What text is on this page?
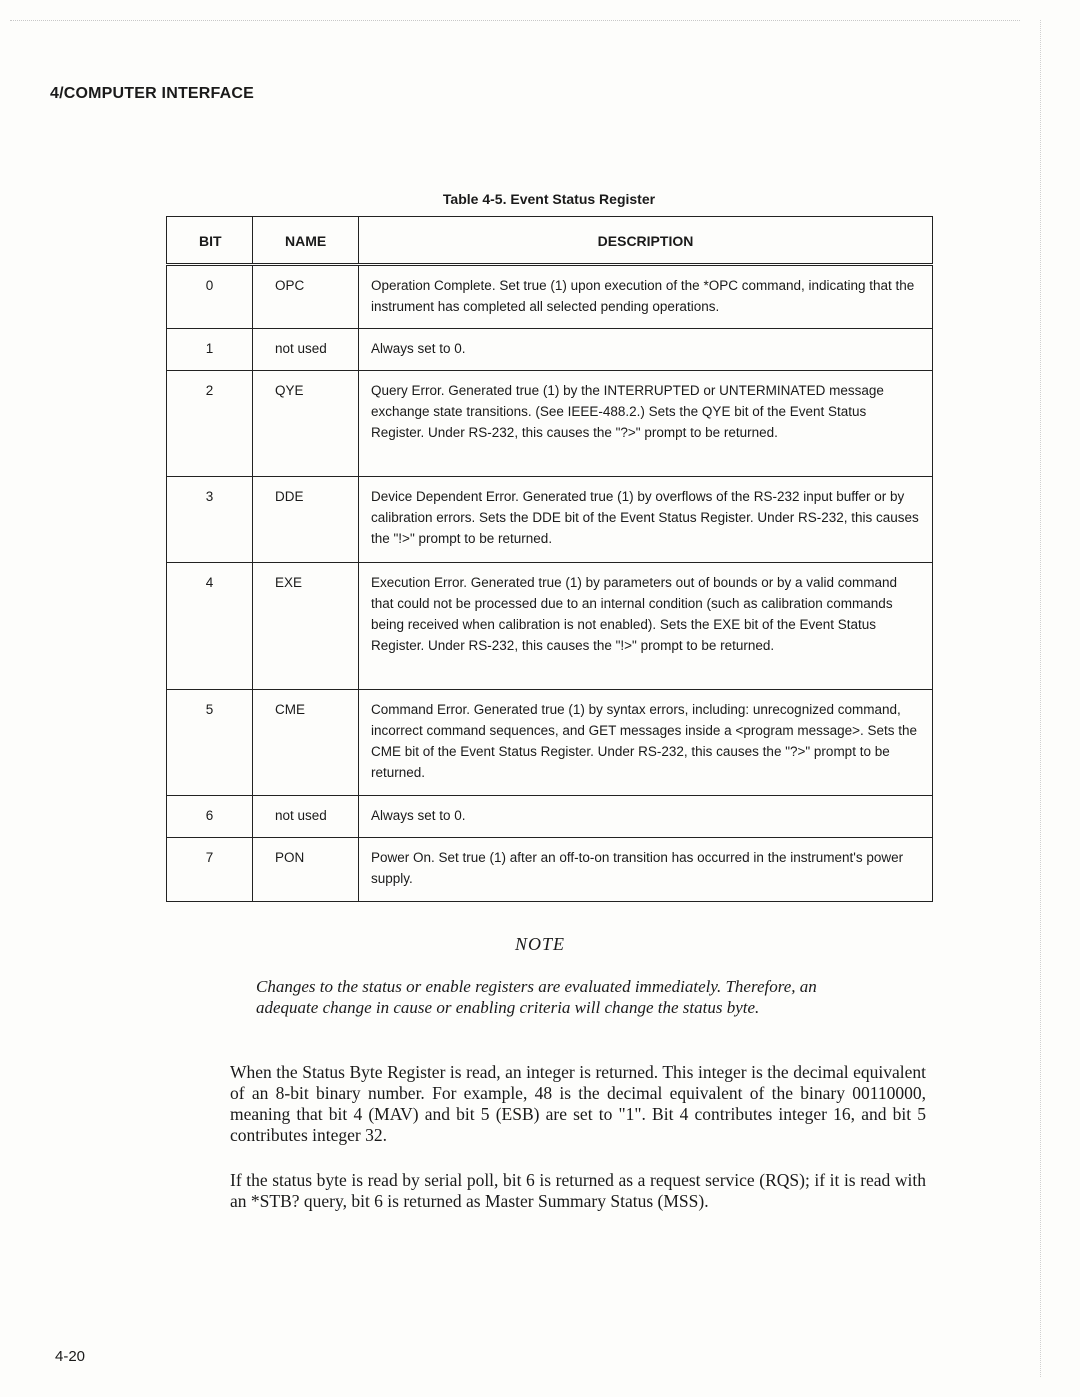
4/COMPUTER INTERFACE
Table 4-5. Event Status Register
BIT	NAME	DESCRIPTION
0	OPC	Operation Complete. Set true (1) upon execution of the *OPC command, indicating that the instrument has completed all selected pending operations.
1	not used	Always set to 0.
2	QYE	Query Error. Generated true (1) by the INTERRUPTED or UNTERMINATED message exchange state transitions. (See IEEE-488.2.) Sets the QYE bit of the Event Status Register. Under RS-232, this causes the "?>" prompt to be returned.
3	DDE	Device Dependent Error. Generated true (1) by overflows of the RS-232 input buffer or by calibration errors. Sets the DDE bit of the Event Status Register. Under RS-232, this causes the "!>" prompt to be returned.
4	EXE	Execution Error. Generated true (1) by parameters out of bounds or by a valid command that could not be processed due to an internal condition (such as calibration commands being received when calibration is not enabled). Sets the EXE bit of the Event Status Register. Under RS-232, this causes the "!>" prompt to be returned.
5	CME	Command Error. Generated true (1) by syntax errors, including: unrecognized command, incorrect command sequences, and GET messages inside a <program message>. Sets the CME bit of the Event Status Register. Under RS-232, this causes the "?>" prompt to be returned.
6	not used	Always set to 0.
7	PON	Power On. Set true (1) after an off-to-on transition has occurred in the instrument's power supply.
NOTE
Changes to the status or enable registers are evaluated immediately. Therefore, an adequate change in cause or enabling criteria will change the status byte.
When the Status Byte Register is read, an integer is returned. This integer is the decimal equivalent of an 8-bit binary number. For example, 48 is the decimal equivalent of the binary 00110000, meaning that bit 4 (MAV) and bit 5 (ESB) are set to "1". Bit 4 contributes integer 16, and bit 5 contributes integer 32.
If the status byte is read by serial poll, bit 6 is returned as a request service (RQS); if it is read with an *STB? query, bit 6 is returned as Master Summary Status (MSS).
4-20
